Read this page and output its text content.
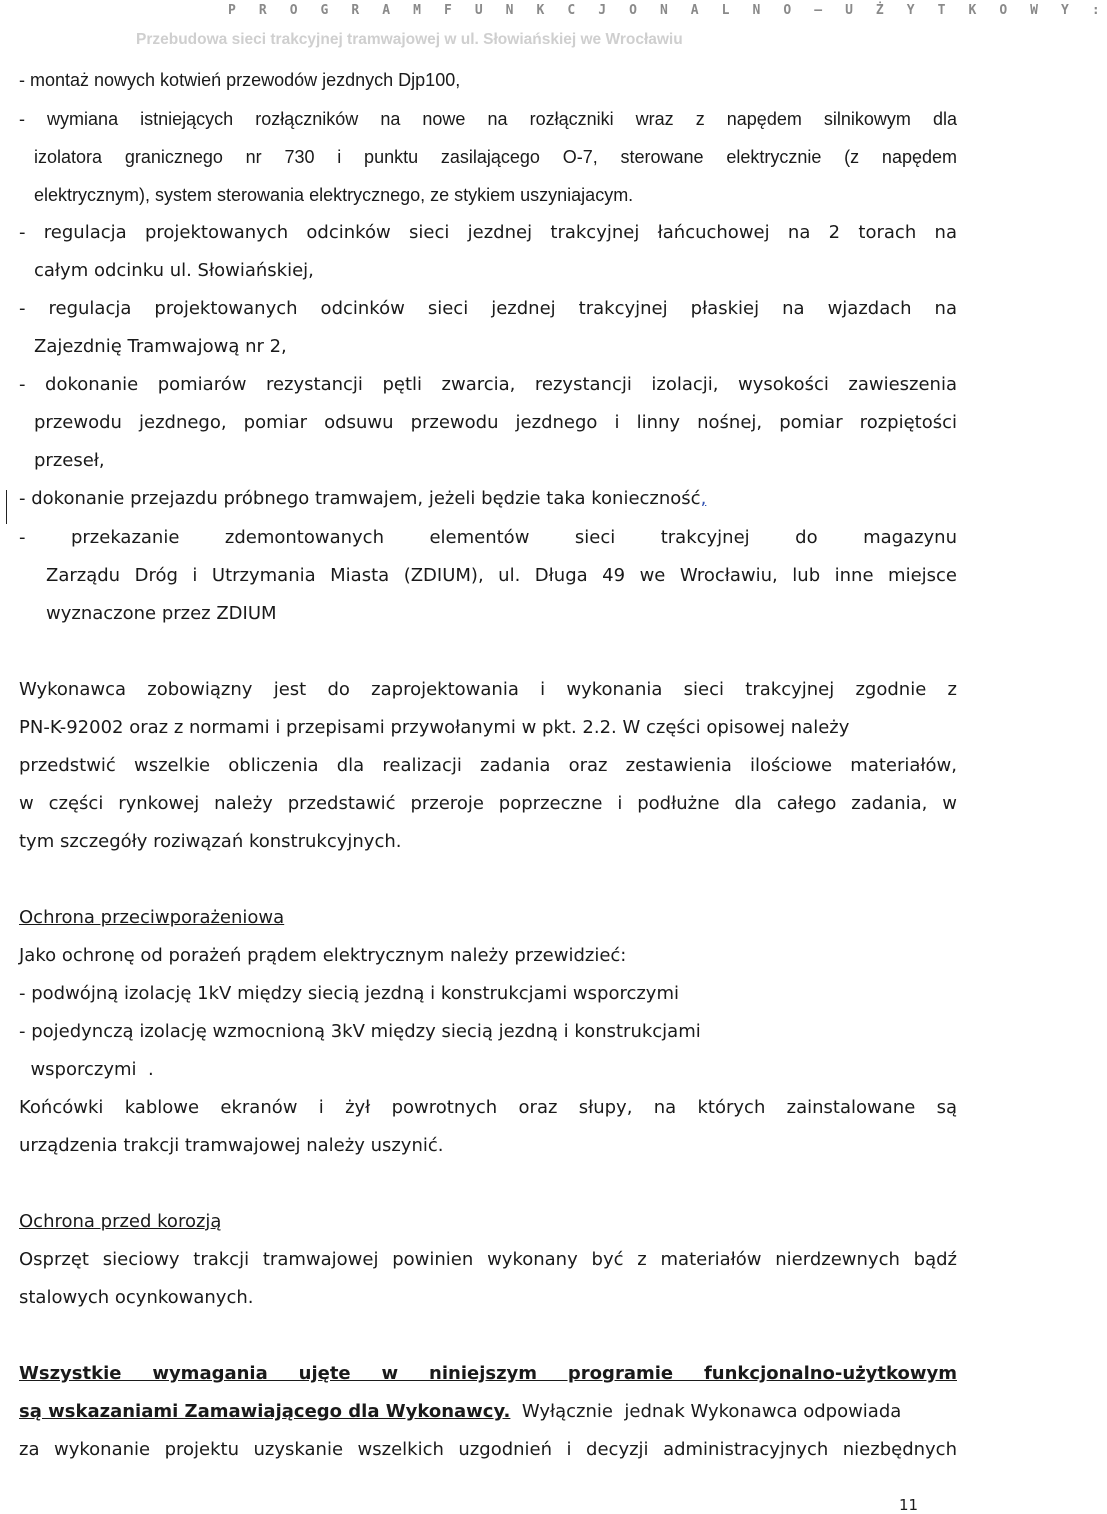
P R O G R A M F U N K C J O N A L N O – U Ż Y T K O W Y :
Przebudowa sieci trakcyjnej tramwajowej w ul. Słowiańskiej we Wrocławiu
- montaż nowych kotwień przewodów jezdnych Djp100,
- wymiana istniejących rozłączników na nowe na rozłączniki wraz z napędem silnikowym dla
izolatora granicznego nr 730 i punktu zasilającego O-7, sterowane elektrycznie (z napędem
elektrycznym), system sterowania elektrycznego, ze stykiem uszyniajacym.
- regulacja projektowanych odcinków sieci jezdnej trakcyjnej łańcuchowej na 2 torach na
całym odcinku ul. Słowiańskiej,
- regulacja projektowanych odcinków sieci jezdnej trakcyjnej płaskiej na wjazdach na
Zajezdnię Tramwajową nr 2,
- dokonanie pomiarów rezystancji pętli zwarcia, rezystancji izolacji, wysokości zawieszenia
przewodu jezdnego, pomiar odsuwu przewodu jezdnego i linny nośnej, pomiar rozpiętości
przeseł,
- dokonanie przejazdu próbnego tramwajem, jeżeli będzie taka konieczność,
-	przekazanie	zdemontowanych	elementów	sieci	trakcyjnej	do	magazynu
Zarządu Dróg i Utrzymania Miasta (ZDIUM), ul. Długa 49 we Wrocławiu, lub inne miejsce
wyznaczone przez ZDIUM
Wykonawca zobowiązny jest do zaprojektowania i wykonania sieci trakcyjnej zgodnie z
PN-K-92002 oraz z normami i przepisami przywołanymi w pkt. 2.2. W części opisowej należy
przedstwić wszelkie obliczenia dla realizacji zadania oraz zestawienia ilościowe materiałów,
w części rynkowej należy przedstawić przeroje poprzeczne i podłużne dla całego zadania, w
tym szczegóły roziwązań konstrukcyjnych.
Ochrona przeciwporażeniowa
Jako ochronę od porażeń prądem elektrycznym należy przewidzieć:
- podwójną izolację 1kV między siecią jezdną i konstrukcjami wsporczymi
- pojedynczą izolację wzmocnioną 3kV między siecią jezdną i konstrukcjami
wsporczymi  .
Końcówki kablowe ekranów i żył powrotnych oraz słupy, na których zainstalowane są
urządzenia trakcji tramwajowej należy uszynić.
Ochrona przed korozją
Osprzęt sieciowy trakcji tramwajowej powinien wykonany być z materiałów nierdzewnych bądź
stalowych ocynkowanych.
Wszystkie wymagania ujęte w niniejszym programie funkcjonalno-użytkowym
są wskazaniami Zamawiającego dla Wykonawcy.  Wyłącznie  jednak Wykonawca odpowiada
za wykonanie projektu uzyskanie wszelkich uzgodnień i decyzji administracyjnych niezbędnych
11
